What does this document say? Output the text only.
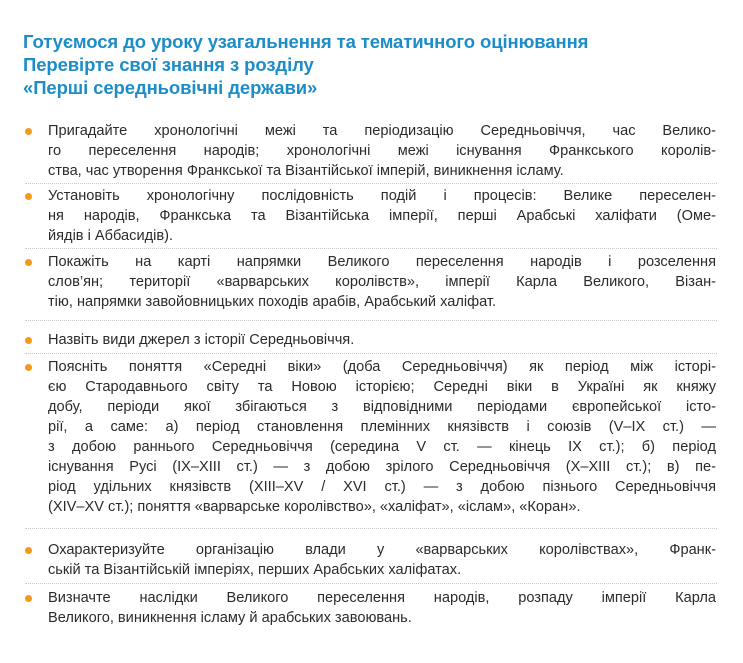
Готуємося до уроку узагальнення та тематичного оцінювання
Перевірте свої знання з розділу
«Перші середньовічні держави»
Пригадайте хронологічні межі та періодизацію Середньовіччя, час Велико-
го переселення народів; хронологічні межі існування Франкського королів-
ства, час утворення Франкської та Візантійської імперій, виникнення ісламу.
Установіть хронологічну послідовність подій і процесів: Велике переселен-
ня народів, Франкська та Візантійська імперії, перші Арабські халіфати (Оме-
йядів і Аббасидів).
Покажіть на карті напрямки Великого переселення народів і розселення
слов’ян; території «варварських королівств», імперії Карла Великого, Візан-
тію, напрямки завойовницьких походів арабів, Арабський халіфат.
Назвіть види джерел з історії Середньовіччя.
Поясніть поняття «Середні віки» (доба Середньовіччя) як період між історі-
єю Стародавнього світу та Новою історією; Середні віки в Україні як княжу
добу, періоди якої збігаються з відповідними періодами європейської істо-
рії, а саме: а) період становлення племінних князівств і союзів (V–IX ст.) —
з добою раннього Середньовіччя (середина V ст. — кінець IX ст.); б) період
існування Русі (IX–XIII ст.) — з добою зрілого Середньовіччя (X–XIII ст.); в) пе-
ріод удільних князівств (XIII–XV / XVI ст.) — з добою пізнього Середньовіччя
(XIV–XV ст.); поняття «варварське королівство», «халіфат», «іслам», «Коран».
Охарактеризуйте організацію влади у «варварських королівствах», Франк-
ській та Візантійській імперіях, перших Арабських халіфатах.
Визначте наслідки Великого переселення народів, розпаду імперії Карла
Великого, виникнення ісламу й арабських завоювань.
